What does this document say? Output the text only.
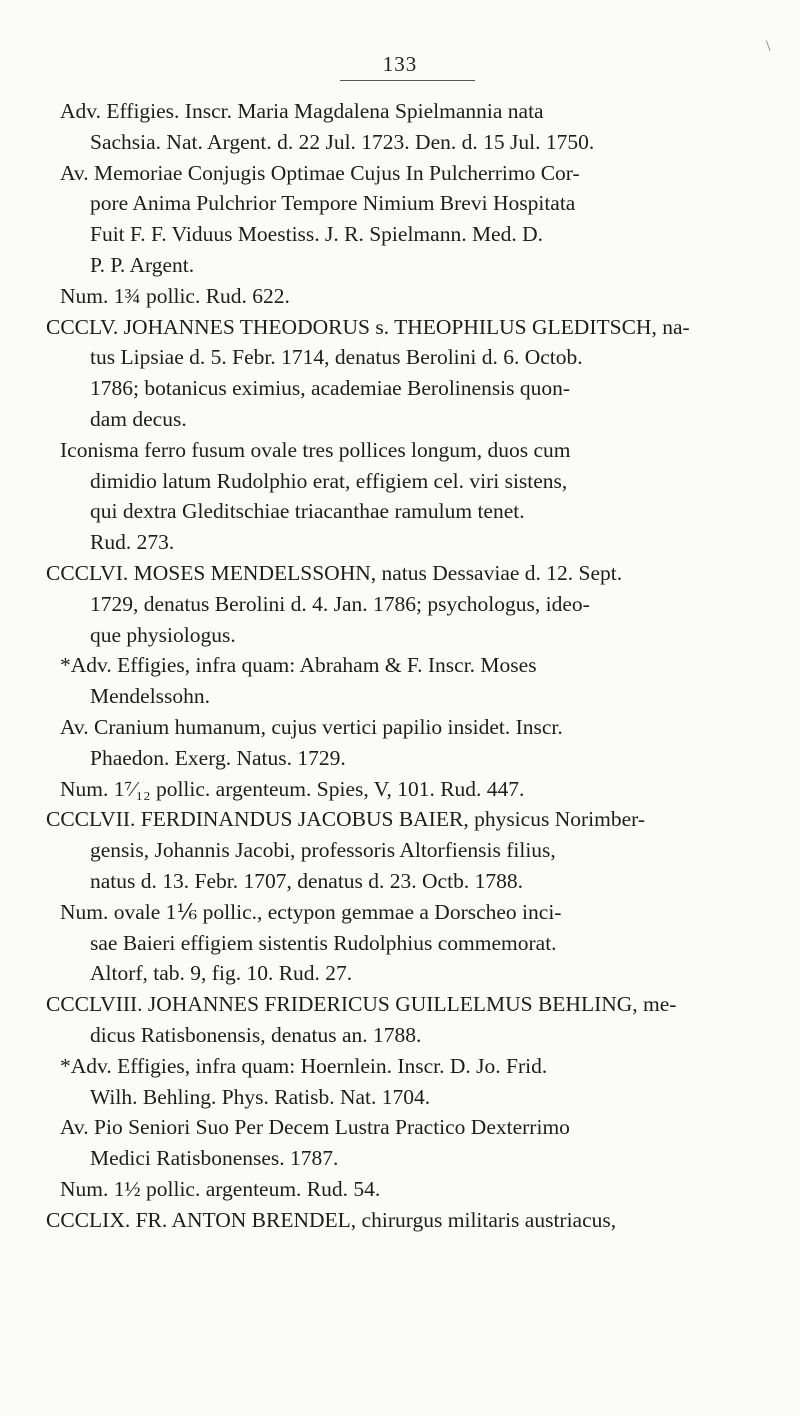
\
133
Adv. Effigies. Inscr. Maria Magdalena Spielmannia nata
Sachsia. Nat. Argent. d. 22 Jul. 1723. Den. d. 15 Jul. 1750.
Av. Memoriae Conjugis Optimae Cujus In Pulcherrimo Cor-
pore Anima Pulchrior Tempore Nimium Brevi Hospitata
Fuit F. F. Viduus Moestiss. J. R. Spielmann. Med. D.
P. P. Argent.
Num. 1¾ pollic. Rud. 622.
CCCLV. JOHANNES THEODORUS s. THEOPHILUS GLEDITSCH, na-
tus Lipsiae d. 5. Febr. 1714, denatus Berolini d. 6. Octob.
1786; botanicus eximius, academiae Berolinensis quon-
dam decus.
Iconisma ferro fusum ovale tres pollices longum, duos cum
dimidio latum Rudolphio erat, effigiem cel. viri sistens,
qui dextra Gleditschiae triacanthae ramulum tenet.
Rud. 273.
CCCLVI. MOSES MENDELSSOHN, natus Dessaviae d. 12. Sept.
1729, denatus Berolini d. 4. Jan. 1786; psychologus, ideo-
que physiologus.
*Adv. Effigies, infra quam: Abraham & F. Inscr. Moses
Mendelssohn.
Av. Cranium humanum, cujus vertici papilio insidet. Inscr.
Phaedon. Exerg. Natus. 1729.
Num. 1⁷⁄₁₂ pollic. argenteum. Spies, V, 101. Rud. 447.
CCCLVII. FERDINANDUS JACOBUS BAIER, physicus Norimber-
gensis, Johannis Jacobi, professoris Altorfiensis filius,
natus d. 13. Febr. 1707, denatus d. 23. Octb. 1788.
Num. ovale 1⅙ pollic., ectypon gemmae a Dorscheo inci-
sae Baieri effigiem sistentis Rudolphius commemorat.
Altorf, tab. 9, fig. 10. Rud. 27.
CCCLVIII. JOHANNES FRIDERICUS GUILLELMUS BEHLING, me-
dicus Ratisbonensis, denatus an. 1788.
*Adv. Effigies, infra quam: Hoernlein. Inscr. D. Jo. Frid.
Wilh. Behling. Phys. Ratisb. Nat. 1704.
Av. Pio Seniori Suo Per Decem Lustra Practico Dexterrimo
Medici Ratisbonenses. 1787.
Num. 1½ pollic. argenteum. Rud. 54.
CCCLIX. FR. ANTON BRENDEL, chirurgus militaris austriacus,
